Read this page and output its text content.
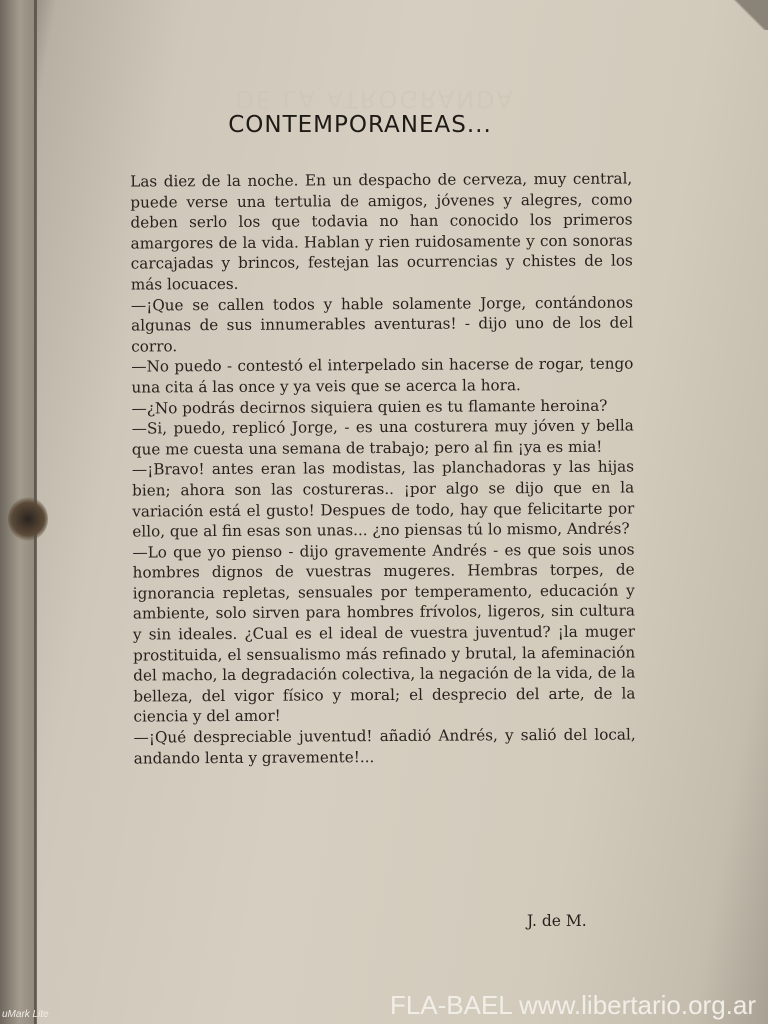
DE LA ATROGRANDA
CONTEMPORANEAS...

Las diez de la noche. En un despacho de cerveza, muy central, puede verse una tertulia de amigos, jóvenes y alegres, como deben serlo los que todavia no han conocido los primeros amargores de la vida. Hablan y rien ruidosamente y con sonoras carcajadas y brincos, festejan las ocurrencias y chistes de los más locuaces.

—¡Que se callen todos y hable solamente Jorge, contándonos algunas de sus innumerables aventuras! - dijo uno de los del corro.

—No puedo - contestó el interpelado sin hacerse de rogar, tengo una cita á las once y ya veis que se acerca la hora.

—¿No podrás decirnos siquiera quien es tu flamante heroina?

—Si, puedo, replicó Jorge, - es una costurera muy jóven y bella que me cuesta una semana de trabajo; pero al fin ¡ya es mia!

—¡Bravo! antes eran las modistas, las planchadoras y las hijas bien; ahora son las costureras.. ¡por algo se dijo que en la variación está el gusto! Despues de todo, hay que felicitarte por ello, que al fin esas son unas... ¿no piensas tú lo mismo, Andrés?

—Lo que yo pienso - dijo gravemente Andrés - es que sois unos hombres dignos de vuestras mugeres. Hembras torpes, de ignorancia repletas, sensuales por temperamento, educación y ambiente, solo sirven para hombres frívolos, ligeros, sin cultura y sin ideales. ¿Cual es el ideal de vuestra juventud? ¡la muger prostituida, el sensualismo más refinado y brutal, la afeminación del macho, la degradación colectiva, la negación de la vida, de la belleza, del vigor físico y moral; el desprecio del arte, de la ciencia y del amor!

—¡Qué despreciable juventud! añadió Andrés, y salió del local, andando lenta y gravemente!...

J. de M.
FLA-BAEL www.libertario.org.ar
uMark Lite
